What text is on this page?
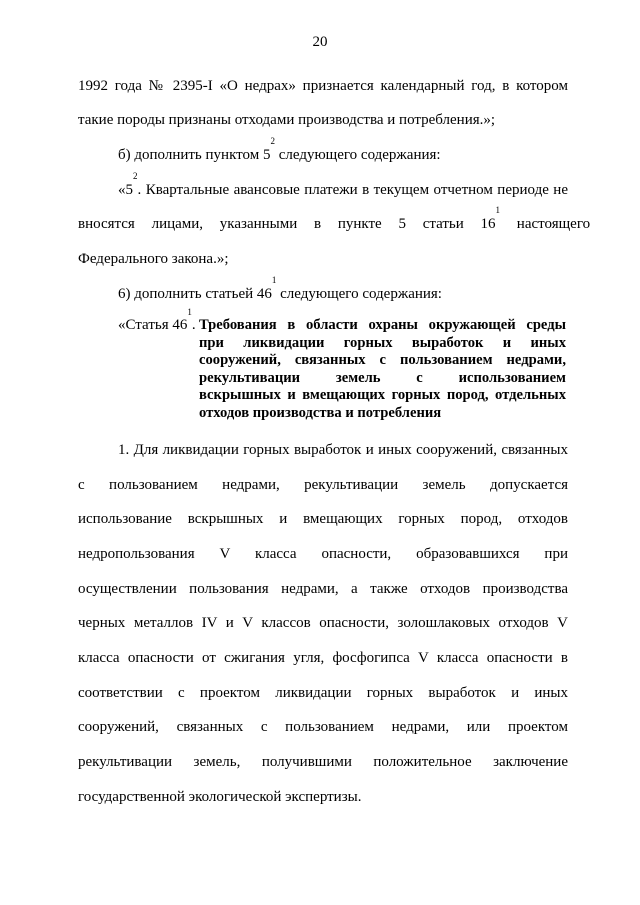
20
1992 года № 2395-I «О недрах» признается календарный год, в котором
такие породы признаны отходами производства и потребления.»;
б) дополнить пунктом $5^2$ следующего содержания:
«$5^2$. Квартальные авансовые платежи в текущем отчетном периоде не
вносятся лицами, указанными в пункте 5 статьи $16^1$ настоящего
Федерального закона.»;
6) дополнить статьей $46^1$ следующего содержания:
«Статья $46^1$. Требования в области охраны окружающей среды
при ликвидации горных выработок и иных
сооружений, связанных с пользованием недрами,
рекультивации земель с использованием
вскрышных и вмещающих горных пород, отдельных
отходов производства и потребления
1. Для ликвидации горных выработок и иных сооружений, связанных
с пользованием недрами, рекультивации земель допускается
использование вскрышных и вмещающих горных пород, отходов
недропользования V класса опасности, образовавшихся при
осуществлении пользования недрами, а также отходов производства
черных металлов IV и V классов опасности, золошлаковых отходов V
класса опасности от сжигания угля, фосфогипса V класса опасности в
соответствии с проектом ликвидации горных выработок и иных
сооружений, связанных с пользованием недрами, или проектом
рекультивации земель, получившими положительное заключение
государственной экологической экспертизы.
